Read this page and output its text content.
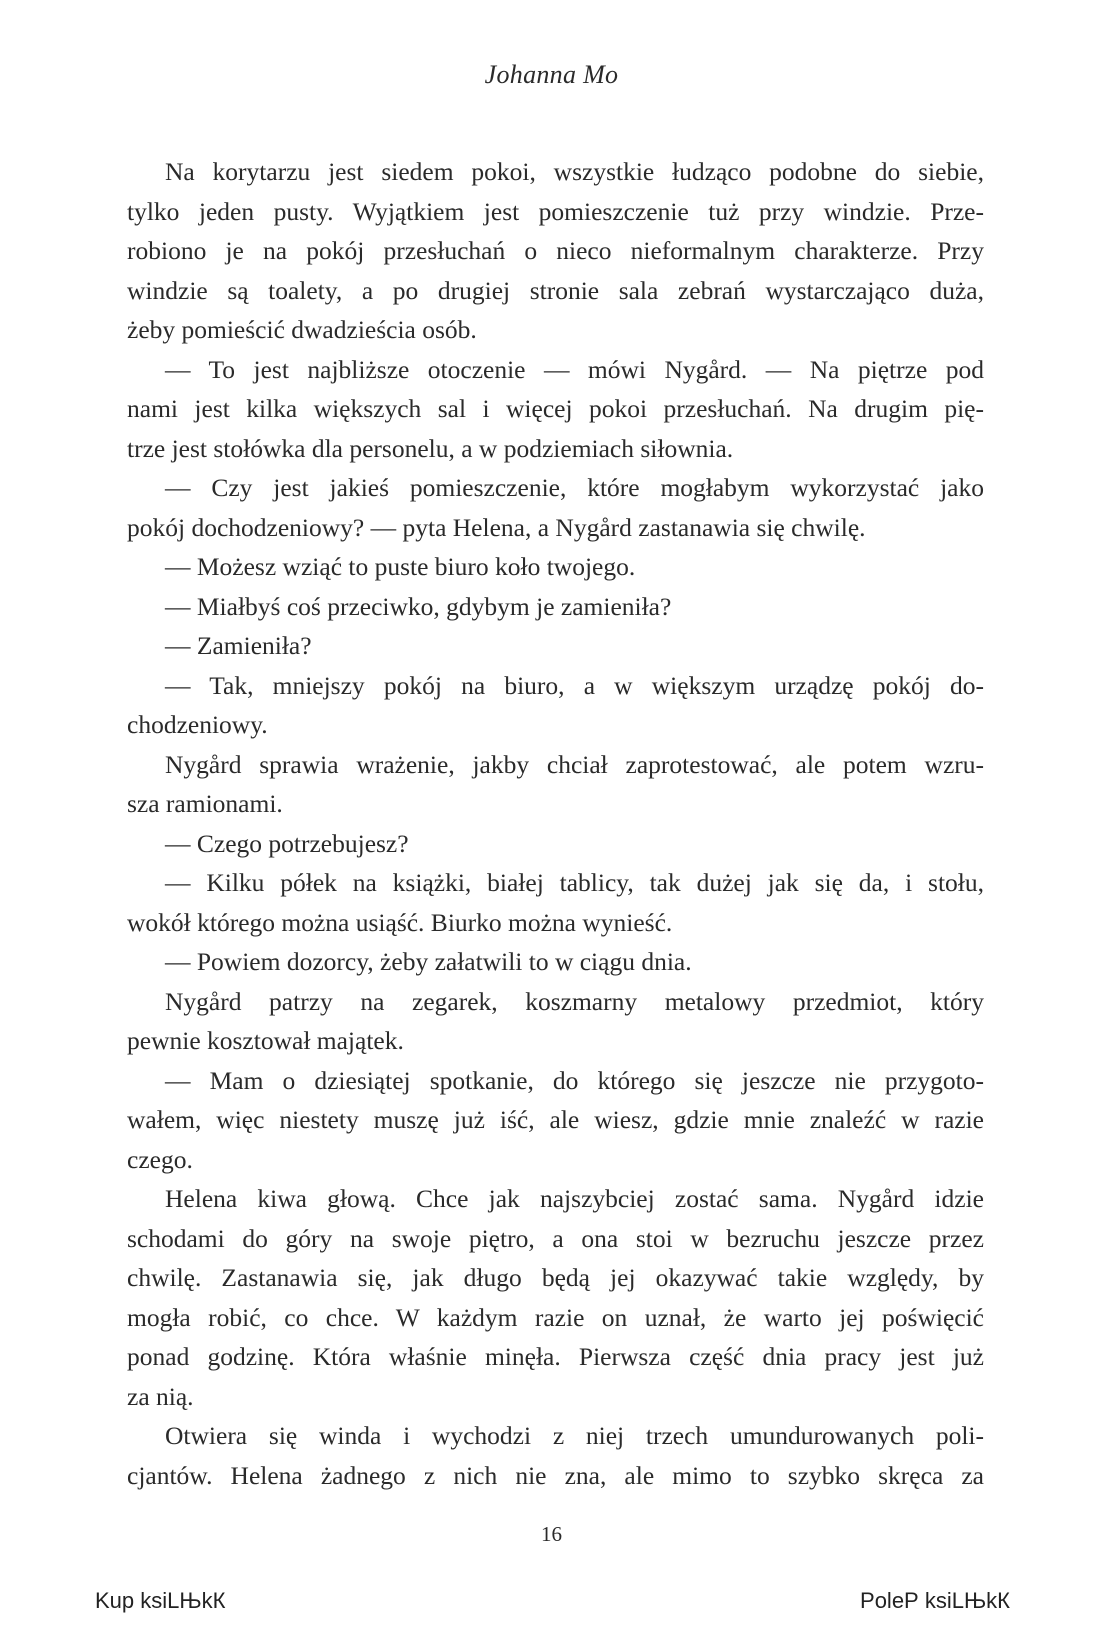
Johanna Mo
Na korytarzu jest siedem pokoi, wszystkie łudząco podobne do siebie,
tylko jeden pusty. Wyjątkiem jest pomieszczenie tuż przy windzie. Prze-
robiono je na pokój przesłuchań o nieco nieformalnym charakterze. Przy
windzie są toalety, a po drugiej stronie sala zebrań wystarczająco duża,
żeby pomieścić dwadzieścia osób.
— To jest najbliższe otoczenie — mówi Nygård. — Na piętrze pod
nami jest kilka większych sal i więcej pokoi przesłuchań. Na drugim pię-
trze jest stołówka dla personelu, a w podziemiach siłownia.
— Czy jest jakieś pomieszczenie, które mogłabym wykorzystać jako
pokój dochodzeniowy? — pyta Helena, a Nygård zastanawia się chwilę.
— Możesz wziąć to puste biuro koło twojego.
— Miałbyś coś przeciwko, gdybym je zamieniła?
— Zamieniła?
— Tak, mniejszy pokój na biuro, a w większym urządzę pokój do-
chodzeniowy.
Nygård sprawia wrażenie, jakby chciał zaprotestować, ale potem wzru-
sza ramionami.
— Czego potrzebujesz?
— Kilku półek na książki, białej tablicy, tak dużej jak się da, i stołu,
wokół którego można usiąść. Biurko można wynieść.
— Powiem dozorcy, żeby załatwili to w ciągu dnia.
Nygård patrzy na zegarek, koszmarny metalowy przedmiot, który
pewnie kosztował majątek.
— Mam o dziesiątej spotkanie, do którego się jeszcze nie przygoto-
wałem, więc niestety muszę już iść, ale wiesz, gdzie mnie znaleźć w razie
czego.
Helena kiwa głową. Chce jak najszybciej zostać sama. Nygård idzie
schodami do góry na swoje piętro, a ona stoi w bezruchu jeszcze przez
chwilę. Zastanawia się, jak długo będą jej okazywać takie względy, by
mogła robić, co chce. W każdym razie on uznał, że warto jej poświęcić
ponad godzinę. Która właśnie minęła. Pierwsza część dnia pracy jest już
za nią.
Otwiera się winda i wychodzi z niej trzech umundurowanych poli-
cjantów. Helena żadnego z nich nie zna, ale mimo to szybko skręca za
16
Kup ksiLЊkК	PoleР ksiLЊkК
